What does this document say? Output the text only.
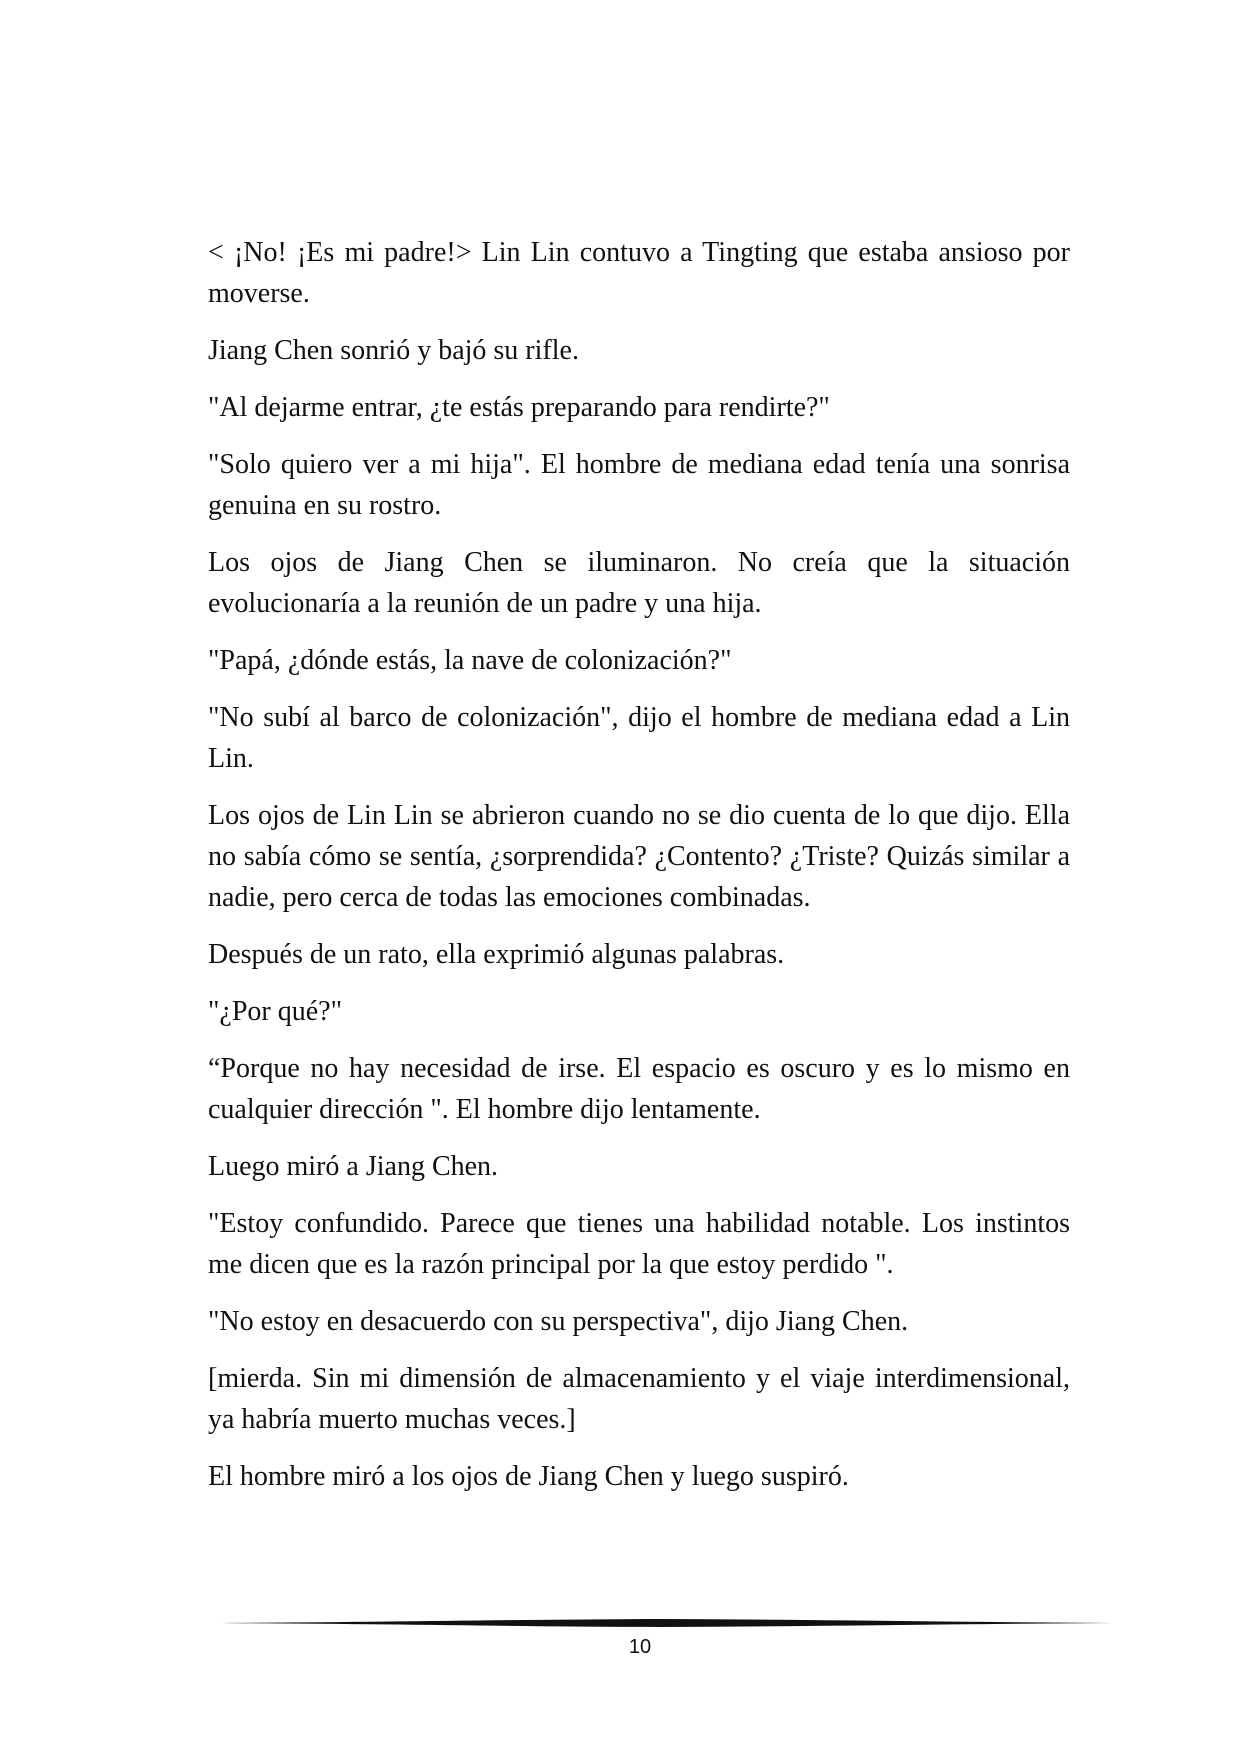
< ¡No! ¡Es mi padre!> Lin Lin contuvo a Tingting que estaba ansioso por moverse.

Jiang Chen sonrió y bajó su rifle.

"Al dejarme entrar, ¿te estás preparando para rendirte?"

"Solo quiero ver a mi hija". El hombre de mediana edad tenía una sonrisa genuina en su rostro.

Los ojos de Jiang Chen se iluminaron. No creía que la situación evolucionaría a la reunión de un padre y una hija.

"Papá, ¿dónde estás, la nave de colonización?"

"No subí al barco de colonización", dijo el hombre de mediana edad a Lin Lin.

Los ojos de Lin Lin se abrieron cuando no se dio cuenta de lo que dijo. Ella no sabía cómo se sentía, ¿sorprendida? ¿Contento? ¿Triste? Quizás similar a nadie, pero cerca de todas las emociones combinadas.

Después de un rato, ella exprimió algunas palabras.

"¿Por qué?"

“Porque no hay necesidad de irse. El espacio es oscuro y es lo mismo en cualquier dirección ". El hombre dijo lentamente.

Luego miró a Jiang Chen.

"Estoy confundido. Parece que tienes una habilidad notable. Los instintos me dicen que es la razón principal por la que estoy perdido ".

"No estoy en desacuerdo con su perspectiva", dijo Jiang Chen.

[mierda. Sin mi dimensión de almacenamiento y el viaje interdimensional, ya habría muerto muchas veces.]

El hombre miró a los ojos de Jiang Chen y luego suspiró.

10
